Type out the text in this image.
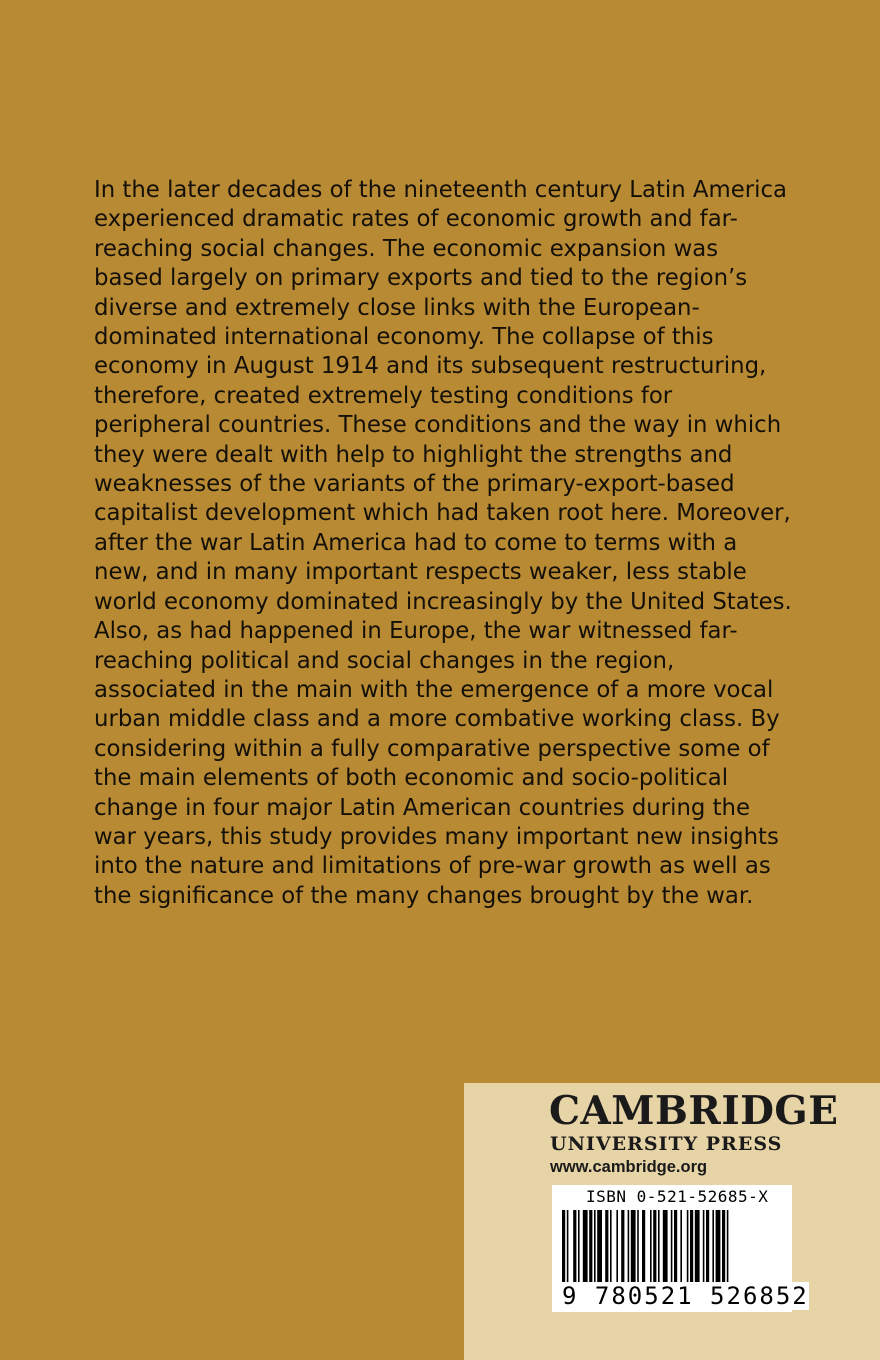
In the later decades of the nineteenth century Latin America experienced dramatic rates of economic growth and far-reaching social changes. The economic expansion was based largely on primary exports and tied to the region’s diverse and extremely close links with the European-dominated international economy. The collapse of this economy in August 1914 and its subsequent restructuring, therefore, created extremely testing conditions for peripheral countries. These conditions and the way in which they were dealt with help to highlight the strengths and weaknesses of the variants of the primary-export-based capitalist development which had taken root here. Moreover, after the war Latin America had to come to terms with a new, and in many important respects weaker, less stable world economy dominated increasingly by the United States. Also, as had happened in Europe, the war witnessed far-reaching political and social changes in the region, associated in the main with the emergence of a more vocal urban middle class and a more combative working class. By considering within a fully comparative perspective some of the main elements of both economic and socio-political change in four major Latin American countries during the war years, this study provides many important new insights into the nature and limitations of pre-war growth as well as the significance of the many changes brought by the war.

CAMBRIDGE
UNIVERSITY PRESS
www.cambridge.org
ISBN 0-521-52685-X
9 780521 526852
